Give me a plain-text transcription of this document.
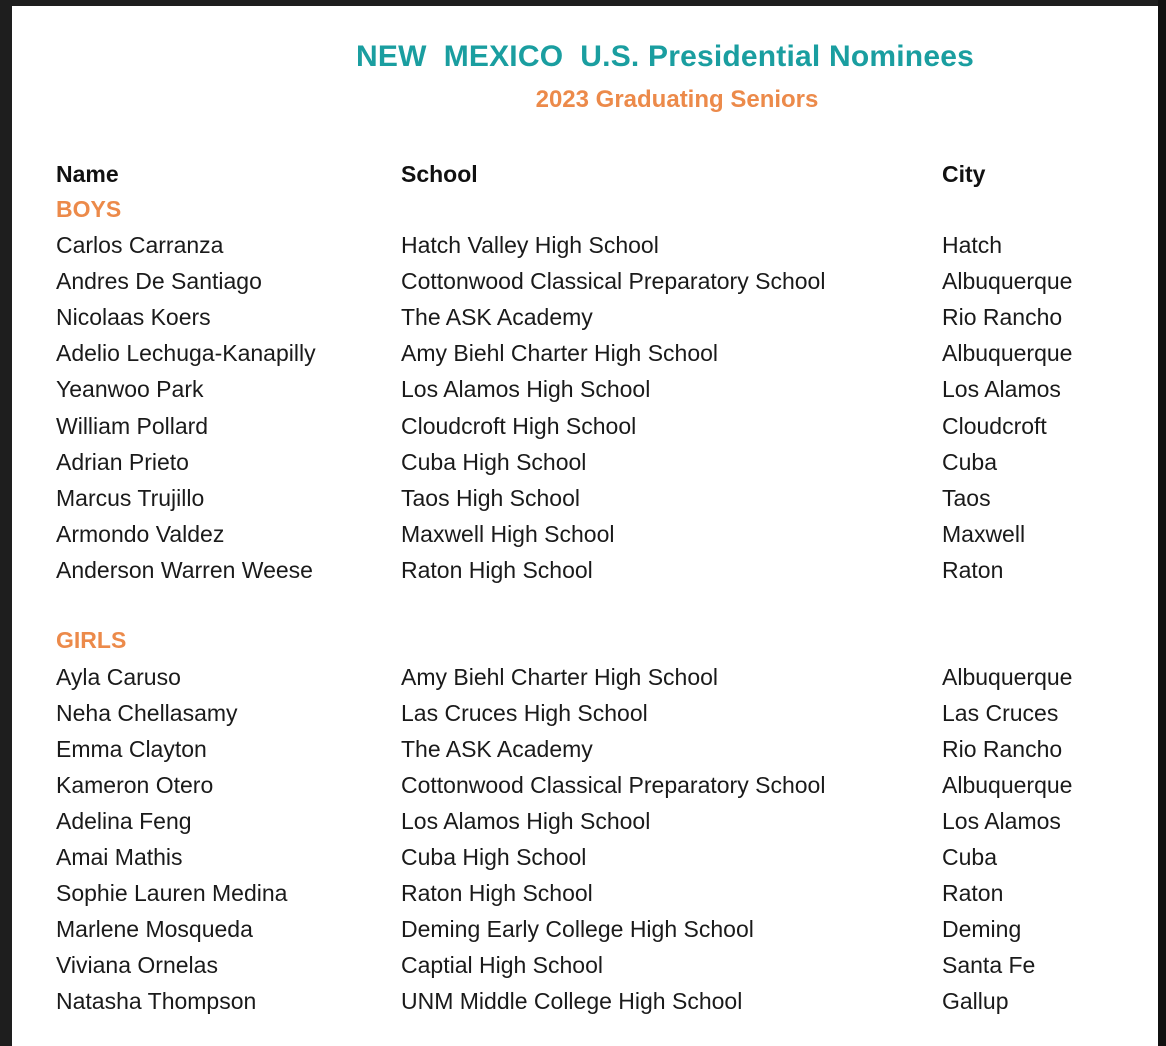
NEW  MEXICO  U.S. Presidential Nominees
2023 Graduating Seniors
Name	School	City
BOYS
Carlos Carranza	Hatch Valley High School	Hatch
Andres De Santiago	Cottonwood Classical Preparatory School	Albuquerque
Nicolaas Koers	The ASK Academy	Rio Rancho
Adelio Lechuga-Kanapilly	Amy Biehl Charter High School	Albuquerque
Yeanwoo Park	Los Alamos High School	Los Alamos
William Pollard	Cloudcroft High School	Cloudcroft
Adrian Prieto	Cuba High School	Cuba
Marcus Trujillo	Taos High School	Taos
Armondo Valdez	Maxwell High School	Maxwell
Anderson Warren Weese	Raton High School	Raton
GIRLS
Ayla Caruso	Amy Biehl Charter High School	Albuquerque
Neha Chellasamy	Las Cruces High School	Las Cruces
Emma Clayton	The ASK Academy	Rio Rancho
Kameron Otero	Cottonwood Classical Preparatory School	Albuquerque
Adelina Feng	Los Alamos High School	Los Alamos
Amai Mathis	Cuba High School	Cuba
Sophie Lauren Medina	Raton High School	Raton
Marlene Mosqueda	Deming Early College High School	Deming
Viviana Ornelas	Captial High School	Santa Fe
Natasha Thompson	UNM Middle College High School	Gallup
